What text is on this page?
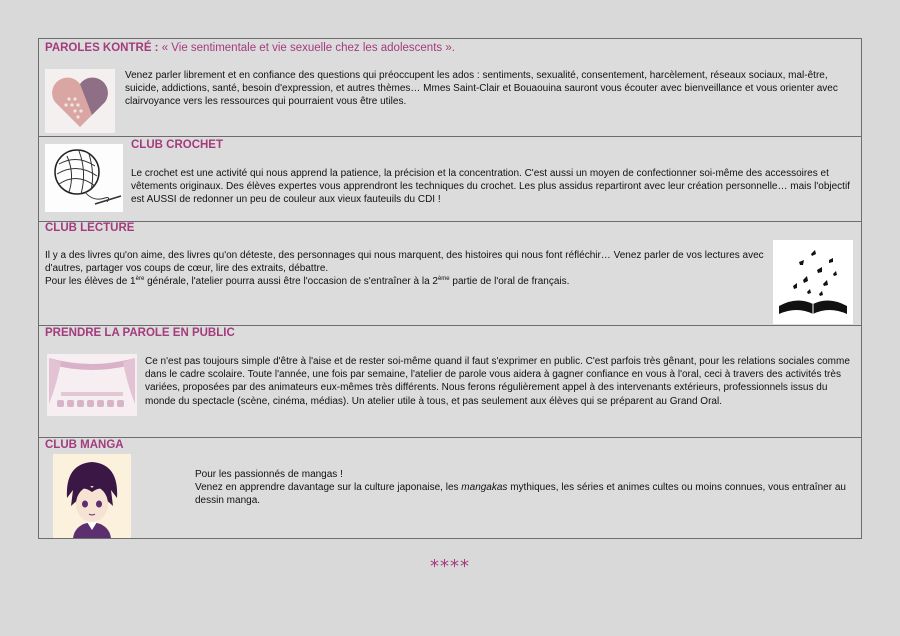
PAROLES KONTRÉ : « Vie sentimentale et vie sexuelle chez les adolescents ».
Venez parler librement et en confiance des questions qui préoccupent les ados : sentiments, sexualité, consentement, harcèlement, réseaux sociaux, mal-être, suicide, addictions, santé, besoin d'expression, et autres thèmes… Mmes Saint-Clair et Bouaouina sauront vous écouter avec bienveillance et vous orienter avec clairvoyance vers les ressources qui pourraient vous être utiles.
CLUB CROCHET
Le crochet est une activité qui nous apprend la patience, la précision et la concentration. C'est aussi un moyen de confectionner soi-même des accessoires et vêtements originaux. Des élèves expertes vous apprendront les techniques du crochet. Les plus assidus repartiront avec leur création personnelle… mais l'objectif est AUSSI de redonner un peu de couleur aux vieux fauteuils du CDI !
CLUB LECTURE
Il y a des livres qu'on aime, des livres qu'on déteste, des personnages qui nous marquent, des histoires qui nous font réfléchir… Venez parler de vos lectures avec d'autres, partager vos coups de cœur, lire des extraits, débattre.
Pour les élèves de 1ère générale, l'atelier pourra aussi être l'occasion de s'entraîner à la 2ème partie de l'oral de français.
PRENDRE LA PAROLE EN PUBLIC
Ce n'est pas toujours simple d'être à l'aise et de rester soi-même quand il faut s'exprimer en public. C'est parfois très gênant, pour les relations sociales comme dans le cadre scolaire. Toute l'année, une fois par semaine, l'atelier de parole vous aidera à gagner confiance en vous à l'oral, ceci à travers des activités très variées, proposées par des animateurs eux-mêmes très différents. Nous ferons régulièrement appel à des intervenants extérieurs, professionnels issus du monde du spectacle (scène, cinéma, médias). Un atelier utile à tous, et pas seulement aux élèves qui se préparent au Grand Oral.
CLUB MANGA
Pour les passionnés de mangas !
Venez en apprendre davantage sur la culture japonaise, les mangakas mythiques, les séries et animes cultes ou moins connues, vous entraîner au dessin manga.
****
